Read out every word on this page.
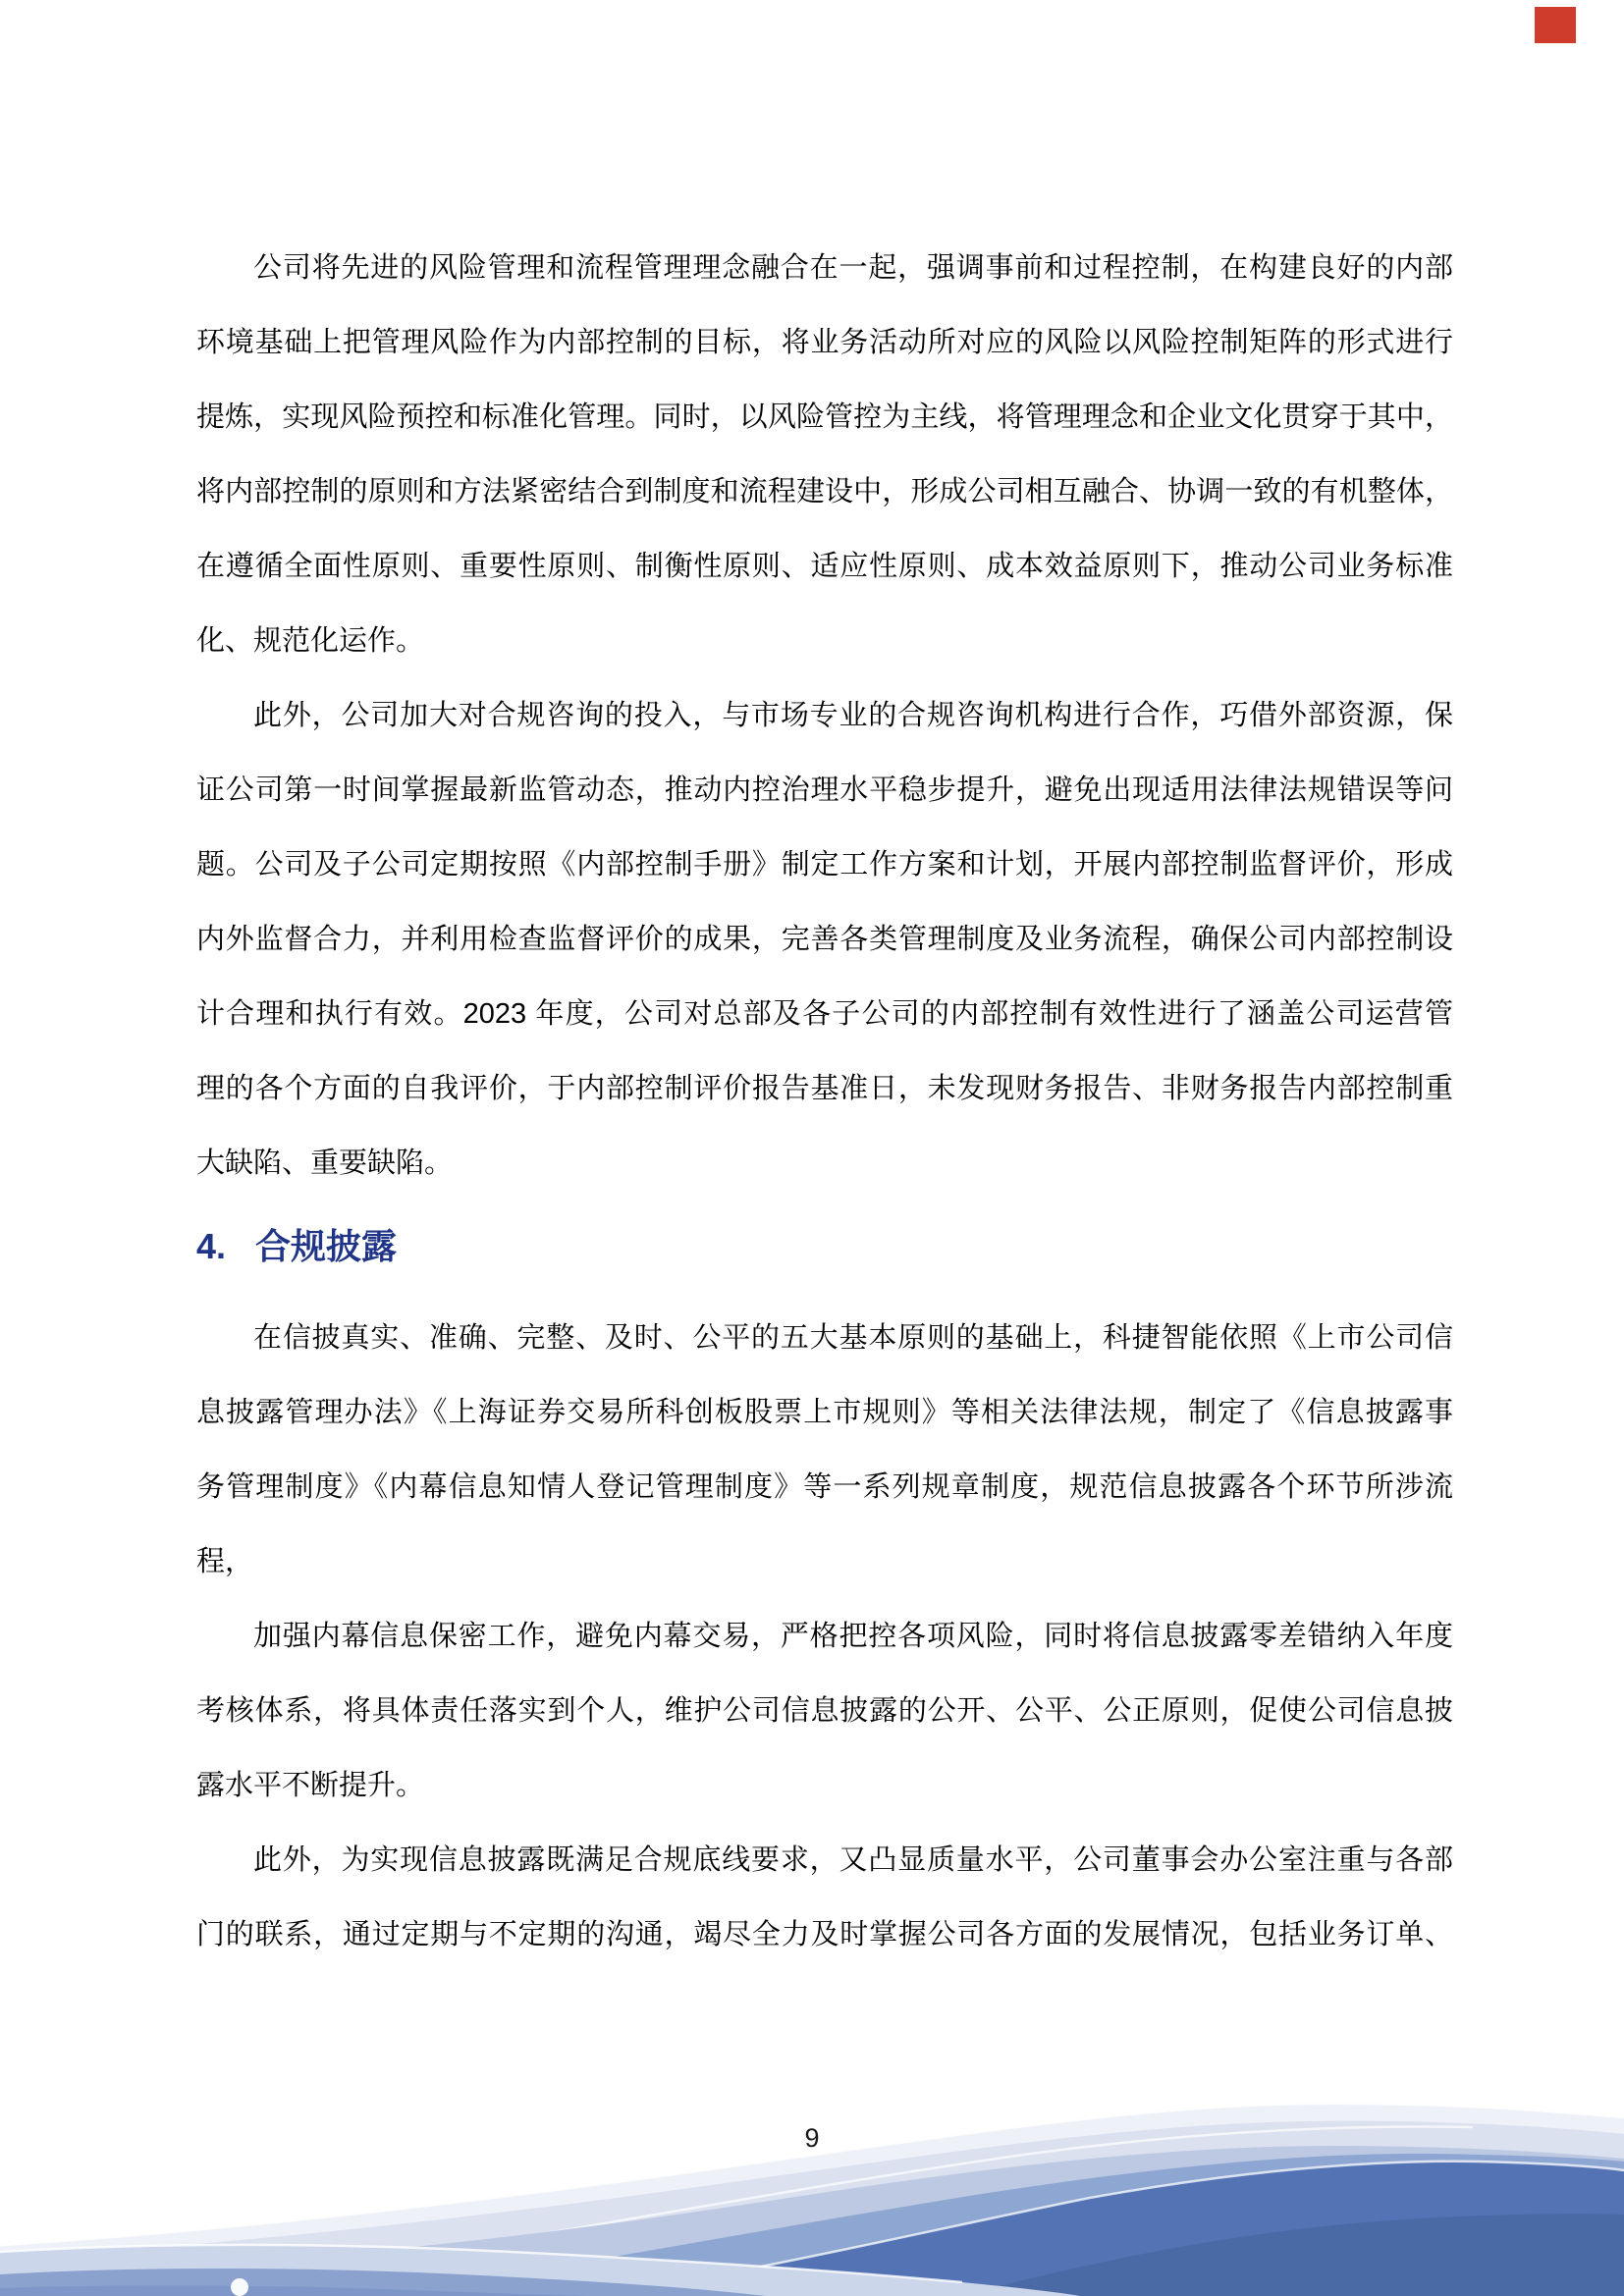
公司将先进的风险管理和流程管理理念融合在一起，强调事前和过程控制，在构建良好的内部
环境基础上把管理风险作为内部控制的目标，将业务活动所对应的风险以风险控制矩阵的形式进行
提炼，实现风险预控和标准化管理。同时，以风险管控为主线，将管理理念和企业文化贯穿于其中，
将内部控制的原则和方法紧密结合到制度和流程建设中，形成公司相互融合、协调一致的有机整体，
在遵循全面性原则、重要性原则、制衡性原则、适应性原则、成本效益原则下，推动公司业务标准
化、规范化运作。
此外，公司加大对合规咨询的投入，与市场专业的合规咨询机构进行合作，巧借外部资源，保
证公司第一时间掌握最新监管动态，推动内控治理水平稳步提升，避免出现适用法律法规错误等问
题。公司及子公司定期按照《内部控制手册》制定工作方案和计划，开展内部控制监督评价，形成
内外监督合力，并利用检查监督评价的成果，完善各类管理制度及业务流程，确保公司内部控制设
计合理和执行有效。2023 年度，公司对总部及各子公司的内部控制有效性进行了涵盖公司运营管
理的各个方面的自我评价，于内部控制评价报告基准日，未发现财务报告、非财务报告内部控制重
大缺陷、重要缺陷。
4. 合规披露
在信披真实、准确、完整、及时、公平的五大基本原则的基础上，科捷智能依照《上市公司信
息披露管理办法》《上海证券交易所科创板股票上市规则》等相关法律法规，制定了《信息披露事
务管理制度》《内幕信息知情人登记管理制度》等一系列规章制度，规范信息披露各个环节所涉流
程，
加强内幕信息保密工作，避免内幕交易，严格把控各项风险，同时将信息披露零差错纳入年度
考核体系，将具体责任落实到个人，维护公司信息披露的公开、公平、公正原则，促使公司信息披
露水平不断提升。
此外，为实现信息披露既满足合规底线要求，又凸显质量水平，公司董事会办公室注重与各部
门的联系，通过定期与不定期的沟通，竭尽全力及时掌握公司各方面的发展情况，包括业务订单、
9
